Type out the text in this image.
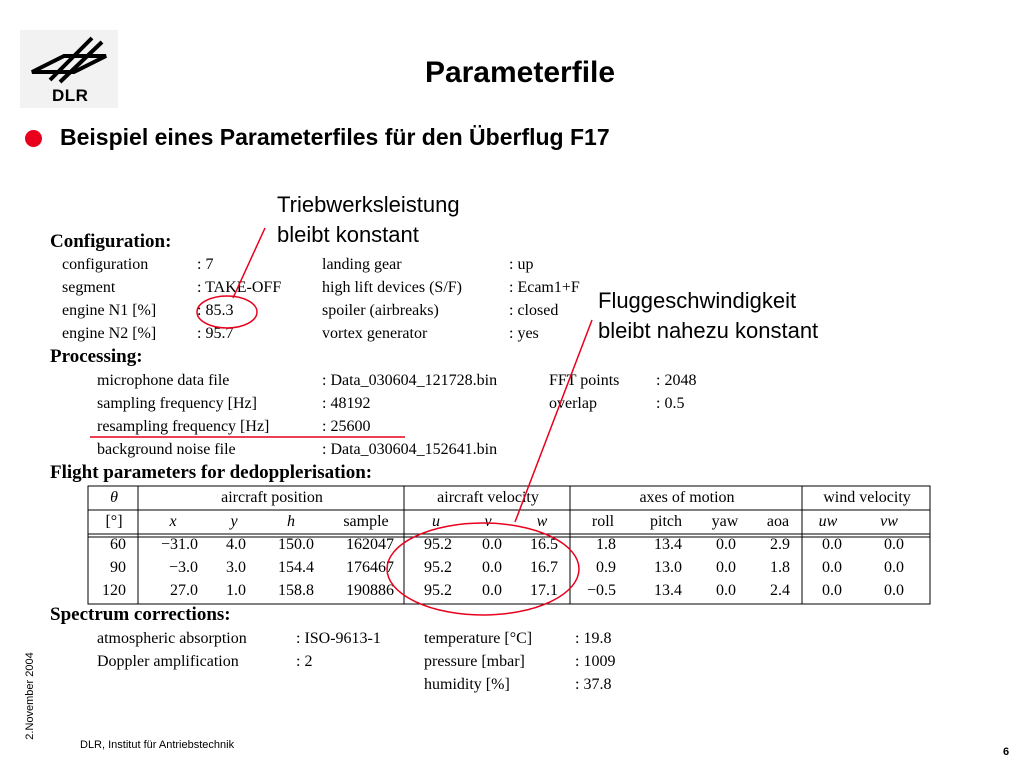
DLR
Parameterfile
Beispiel eines Parameterfiles für den Überflug F17
Triebwerksleistung
bleibt konstant
Fluggeschwindigkeit
bleibt nahezu konstant
Configuration:
configuration	: 7	landing gear	: up
segment	: TAKE-OFF	high lift devices (S/F)	: Ecam1+F
engine N1 [%]	: 85.3	spoiler (airbreaks)	: closed
engine N2 [%]	: 95.7	vortex generator	: yes
Processing:
microphone data file	: Data_030604_121728.bin	FFT points : 2048
sampling frequency [Hz]	: 48192	overlap	: 0.5
resampling frequency [Hz]	: 25600
background noise file	: Data_030604_152641.bin
Flight parameters for dedopplerisation:
θ	aircraft position	aircraft velocity	axes of motion	wind velocity
[°]	x	y	h	sample	u	v	w	roll	pitch	yaw	aoa	uw	vw
60	−31.0	4.0	150.0	162047	95.2	0.0	16.5	1.8	13.4	0.0	2.9	0.0	0.0
90	−3.0	3.0	154.4	176467	95.2	0.0	16.7	0.9	13.0	0.0	1.8	0.0	0.0
120	27.0	1.0	158.8	190886	95.2	0.0	17.1	−0.5	13.4	0.0	2.4	0.0	0.0
Spectrum corrections:
atmospheric absorption	: ISO-9613-1	temperature [°C]	: 19.8
Doppler amplification	: 2	pressure [mbar]	: 1009
humidity [%]	: 37.8
2.November 2004
DLR, Institut für Antriebstechnik
6
